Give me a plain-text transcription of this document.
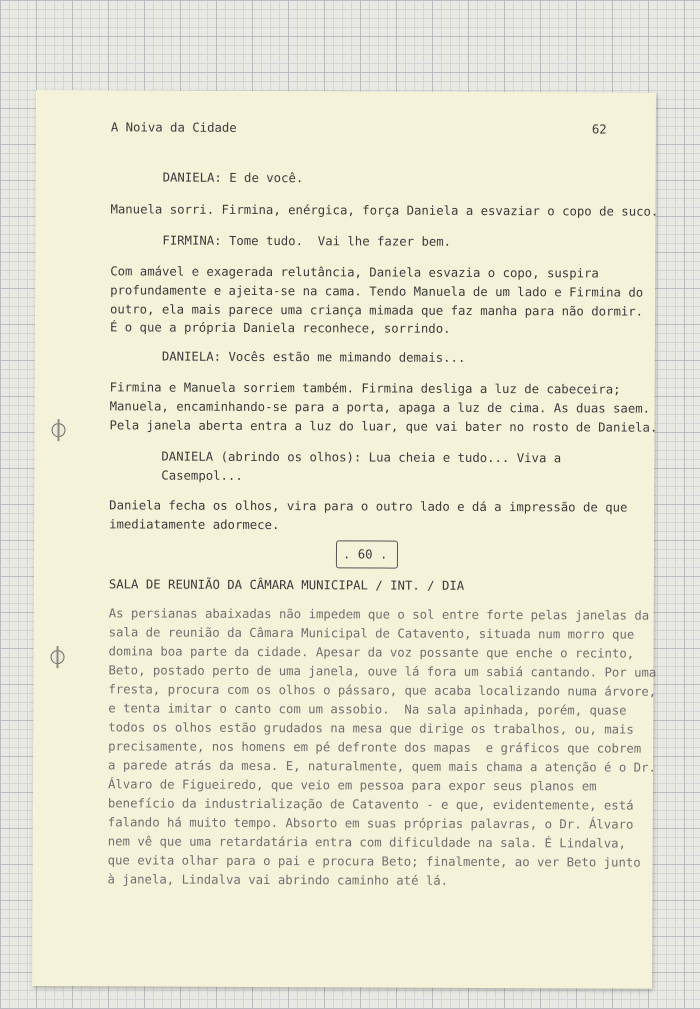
A Noiva da Cidade	62
DANIELA: E de você.
Manuela sorri. Firmina, enérgica, força Daniela a esvaziar o copo de suco.
FIRMINA: Tome tudo.  Vai lhe fazer bem.
Com amável e exagerada relutância, Daniela esvazia o copo, suspira
profundamente e ajeita-se na cama. Tendo Manuela de um lado e Firmina do
outro, ela mais parece uma criança mimada que faz manha para não dormir.
É o que a própria Daniela reconhece, sorrindo.
DANIELA: Vocês estão me mimando demais...
Firmina e Manuela sorriem também. Firmina desliga a luz de cabeceira;
Manuela, encaminhando-se para a porta, apaga a luz de cima. As duas saem.
Pela janela aberta entra a luz do luar, que vai bater no rosto de Daniela.
DANIELA (abrindo os olhos): Lua cheia e tudo... Viva a
Casempol...
Daniela fecha os olhos, vira para o outro lado e dá a impressão de que
imediatamente adormece.
. 60 .
SALA DE REUNIÃO DA CÂMARA MUNICIPAL / INT. / DIA
As persianas abaixadas não impedem que o sol entre forte pelas janelas da
sala de reunião da Câmara Municipal de Catavento, situada num morro que
domina boa parte da cidade. Apesar da voz possante que enche o recinto,
Beto, postado perto de uma janela, ouve lá fora um sabiá cantando. Por uma
fresta, procura com os olhos o pássaro, que acaba localizando numa árvore,
e tenta imitar o canto com um assobio.  Na sala apinhada, porém, quase
todos os olhos estão grudados na mesa que dirige os trabalhos, ou, mais
precisamente, nos homens em pé defronte dos mapas  e gráficos que cobrem
a parede atrás da mesa. E, naturalmente, quem mais chama a atenção é o Dr.
Álvaro de Figueiredo, que veio em pessoa para expor seus planos em
benefício da industrialização de Catavento - e que, evidentemente, está
falando há muito tempo. Absorto em suas próprias palavras, o Dr. Álvaro
nem vê que uma retardatária entra com dificuldade na sala. É Lindalva,
que evita olhar para o pai e procura Beto; finalmente, ao ver Beto junto
à janela, Lindalva vai abrindo caminho até lá.
